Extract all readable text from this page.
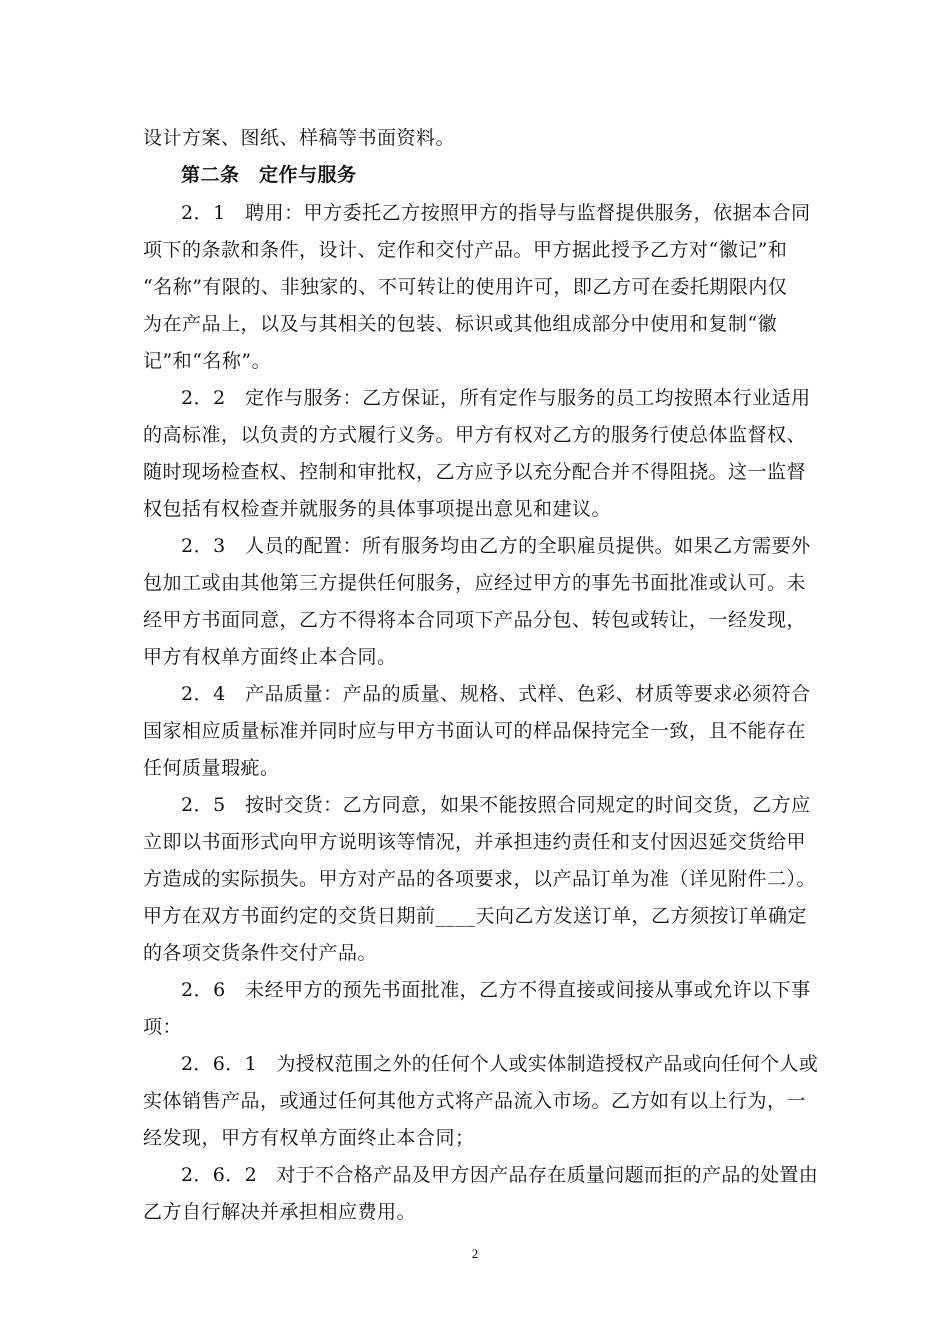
设计方案、图纸、样稿等书面资料。
第二条　定作与服务
2．1　聘用：甲方委托乙方按照甲方的指导与监督提供服务，依据本合同
项下的条款和条件，设计、定作和交付产品。甲方据此授予乙方对“徽记”和
“名称”有限的、非独家的、不可转让的使用许可，即乙方可在委托期限内仅
为在产品上，以及与其相关的包装、标识或其他组成部分中使用和复制“徽
记”和“名称”。
2．2　定作与服务：乙方保证，所有定作与服务的员工均按照本行业适用
的高标准，以负责的方式履行义务。甲方有权对乙方的服务行使总体监督权、
随时现场检查权、控制和审批权，乙方应予以充分配合并不得阻挠。这一监督
权包括有权检查并就服务的具体事项提出意见和建议。
2．3　人员的配置：所有服务均由乙方的全职雇员提供。如果乙方需要外
包加工或由其他第三方提供任何服务，应经过甲方的事先书面批准或认可。未
经甲方书面同意，乙方不得将本合同项下产品分包、转包或转让，一经发现，
甲方有权单方面终止本合同。
2．4　产品质量：产品的质量、规格、式样、色彩、材质等要求必须符合
国家相应质量标准并同时应与甲方书面认可的样品保持完全一致，且不能存在
任何质量瑕疵。
2．5　按时交货：乙方同意，如果不能按照合同规定的时间交货，乙方应
立即以书面形式向甲方说明该等情况，并承担违约责任和支付因迟延交货给甲
方造成的实际损失。甲方对产品的各项要求，以产品订单为准（详见附件二）。
甲方在双方书面约定的交货日期前____天向乙方发送订单，乙方须按订单确定
的各项交货条件交付产品。
2．6　未经甲方的预先书面批准，乙方不得直接或间接从事或允许以下事
项：
2．6．1　为授权范围之外的任何个人或实体制造授权产品或向任何个人或
实体销售产品，或通过任何其他方式将产品流入市场。乙方如有以上行为，一
经发现，甲方有权单方面终止本合同；
2．6．2　对于不合格产品及甲方因产品存在质量问题而拒的产品的处置由
乙方自行解决并承担相应费用。
2
